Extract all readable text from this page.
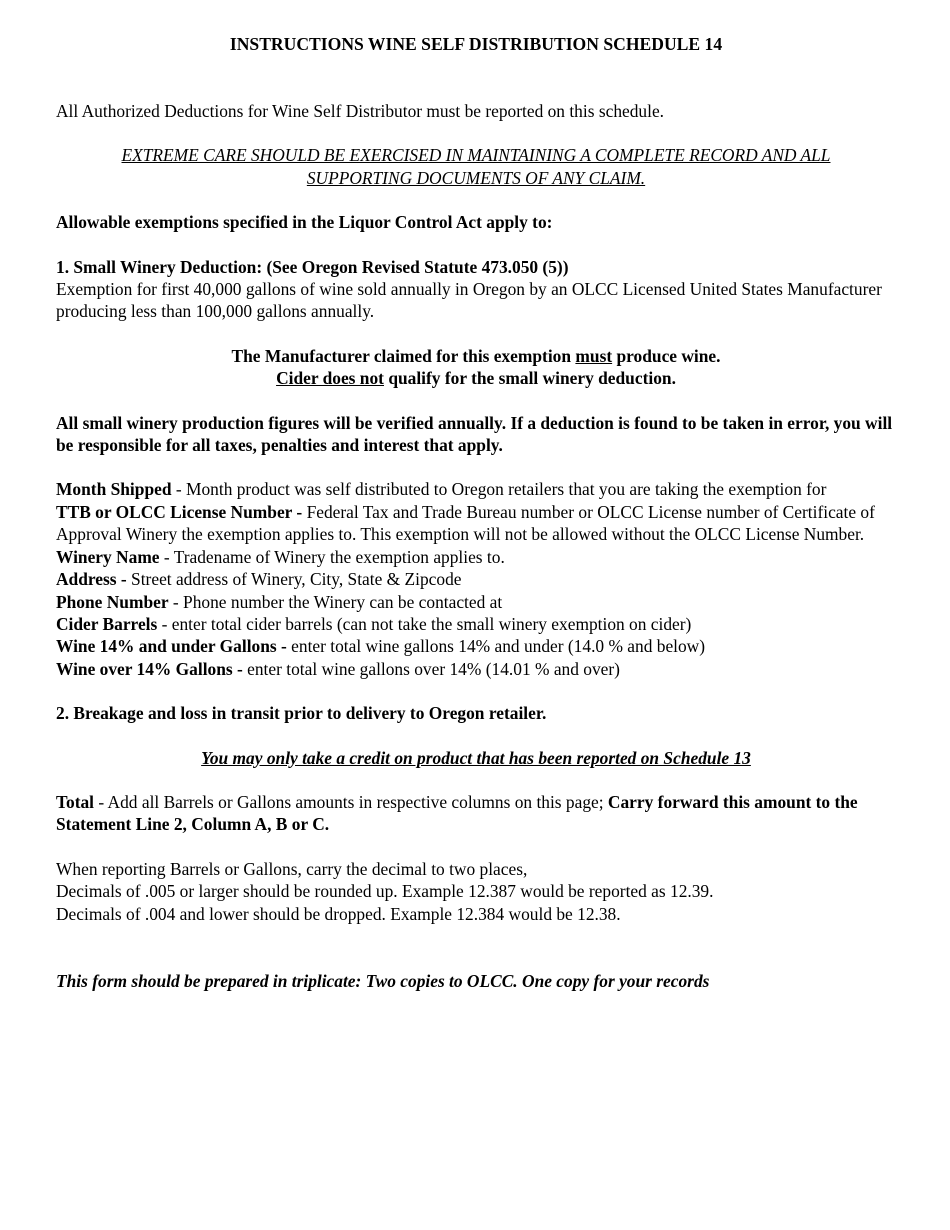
INSTRUCTIONS WINE SELF DISTRIBUTION SCHEDULE 14

All Authorized Deductions for Wine Self Distributor must be reported on this schedule.

EXTREME CARE SHOULD BE EXERCISED IN MAINTAINING A COMPLETE RECORD AND ALL SUPPORTING DOCUMENTS OF ANY CLAIM.

Allowable exemptions specified in the Liquor Control Act apply to:

1. Small Winery Deduction: (See Oregon Revised Statute 473.050 (5))

Exemption for first 40,000 gallons of wine sold annually in Oregon by an OLCC Licensed United States Manufacturer producing less than 100,000 gallons annually.

The Manufacturer claimed for this exemption must produce wine.
Cider does not qualify for the small winery deduction.

All small winery production figures will be verified annually. If a deduction is found to be taken in error, you will be responsible for all taxes, penalties and interest that apply.

Month Shipped - Month product was self distributed to Oregon retailers that you are taking the exemption for
TTB or OLCC License Number - Federal Tax and Trade Bureau number or OLCC License number of Certificate of Approval Winery the exemption applies to. This exemption will not be allowed without the OLCC License Number.
Winery Name - Tradename of Winery the exemption applies to.
Address - Street address of Winery, City, State & Zipcode
Phone Number - Phone number the Winery can be contacted at
Cider Barrels - enter total cider barrels (can not take the small winery exemption on cider)
Wine 14% and under Gallons - enter total wine gallons 14% and under (14.0 % and below)
Wine over 14% Gallons - enter total wine gallons over 14% (14.01 % and over)

2. Breakage and loss in transit prior to delivery to Oregon retailer.

You may only take a credit on product that has been reported on Schedule 13

Total - Add all Barrels or Gallons amounts in respective columns on this page; Carry forward this amount to the Statement Line 2, Column A, B or C.

When reporting Barrels or Gallons, carry the decimal to two places,
Decimals of .005 or larger should be rounded up. Example 12.387 would be reported as 12.39.
Decimals of .004 and lower should be dropped. Example 12.384 would be 12.38.

This form should be prepared in triplicate: Two copies to OLCC. One copy for your records
